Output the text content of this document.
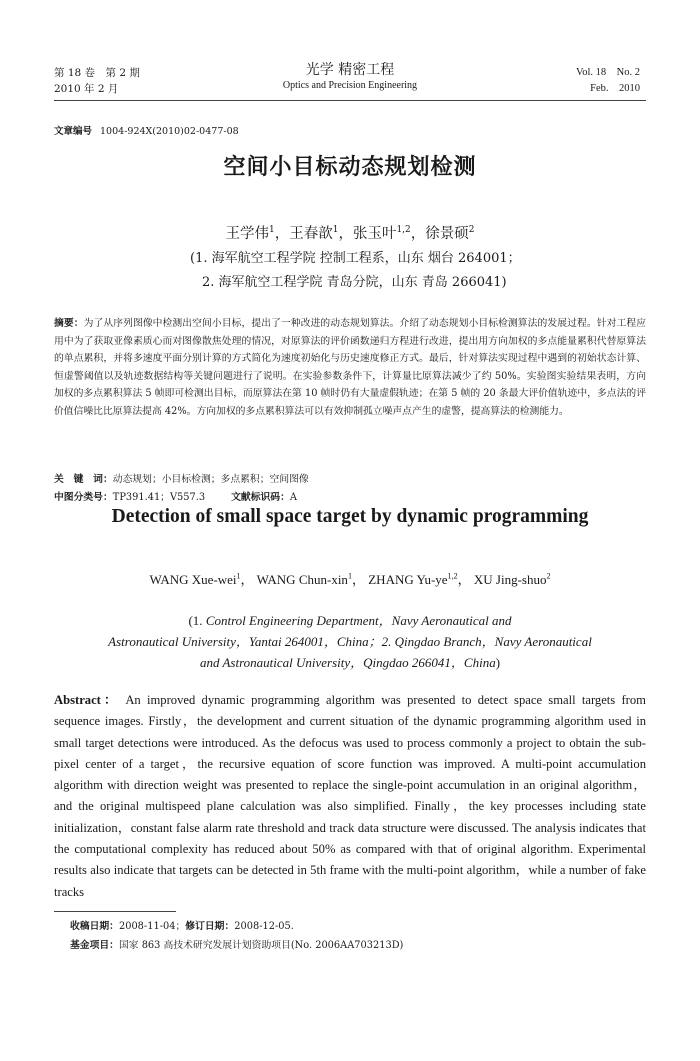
第 18 卷　第 2 期
2010 年 2 月
光学 精密工程
Optics and Precision Engineering
Vol. 18　No. 2
Feb.　2010
文章编号 1004-924X(2010)02-0477-08
空间小目标动态规划检测
王学伟$^1$，王春歆$^1$，张玉叶$^{1,2}$，徐景硕$^2$
(1. 海军航空工程学院 控制工程系，山东 烟台 264001；
2. 海军航空工程学院 青岛分院，山东 青岛 266041)
摘要：为了从序列图像中检测出空间小目标，提出了一种改进的动态规划算法。介绍了动态规划小目标检测算法的发展过程。针对工程应用中为了获取亚像素质心而对图像散焦处理的情况，对原算法的评价函数递归方程进行改进，提出用方向加权的多点能量累积代替原算法的单点累积，并将多速度平面分别计算的方式简化为速度初始化与历史速度修正方式。最后，针对算法实现过程中遇到的初始状态计算、恒虚警阈值以及轨迹数据结构等关键问题进行了说明。在实验参数条件下，计算量比原算法减少了约 50%。实验图实验结果表明，方向加权的多点累积算法 5 帧即可检测出目标，而原算法在第 10 帧时仍有大量虚假轨迹；在第 5 帧的 20 条最大评价值轨迹中，多点法的评价值信噪比比原算法提高 42%。方向加权的多点累积算法可以有效抑制孤立噪声点产生的虚警，提高算法的检测能力。
关　键　词：动态规划；小目标检测；多点累积；空间图像
中图分类号：TP391.41；V557.3	文献标识码：A
Detection of small space target by dynamic programming
WANG Xue-wei$^1$， WANG Chun-xin$^1$， ZHANG Yu-ye$^{1,2}$， XU Jing-shuo$^2$
(1. Control Engineering Department，Navy Aeronautical and
Astronautical University，Yantai 264001，China；2. Qingdao Branch，Navy Aeronautical
and Astronautical University，Qingdao 266041，China)
Abstract： An improved dynamic programming algorithm was presented to detect space small targets from sequence images. Firstly，the development and current situation of the dynamic programming algorithm used in small target detections were introduced. As the defocus was used to process commonly a project to obtain the sub-pixel center of a target，the recursive equation of score function was improved. A multi-point accumulation algorithm with direction weight was presented to replace the single-point accumulation in an original algorithm，and the original multispeed plane calculation was also simplified. Finally，the key processes including state initialization，constant false alarm rate threshold and track data structure were discussed. The analysis indicates that the computational complexity has reduced about 50% as compared with that of original algorithm. Experimental results also indicate that targets can be detected in 5th frame with the multi-point algorithm，while a number of fake tracks
收稿日期：2008-11-04；修订日期：2008-12-05.
基金项目：国家 863 高技术研究发展计划资助项目(No. 2006AA703213D)
